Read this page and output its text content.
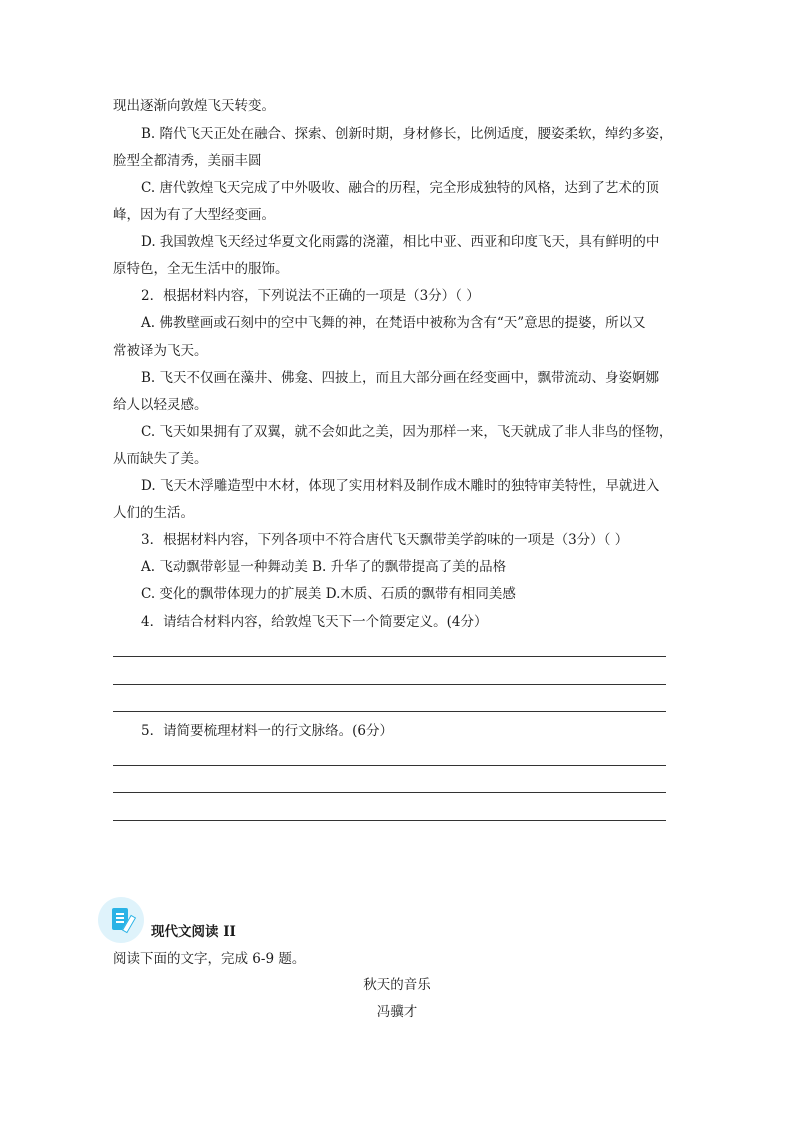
现出逐渐向敦煌飞天转变。
B. 隋代飞天正处在融合、探索、创新时期，身材修长，比例适度，腰姿柔软，绰约多姿，
脸型全都清秀，美丽丰圆
C. 唐代敦煌飞天完成了中外吸收、融合的历程，完全形成独特的风格，达到了艺术的顶
峰，因为有了大型经变画。
D. 我国敦煌飞天经过华夏文化雨露的浇灌，相比中亚、西亚和印度飞天，具有鲜明的中
原特色，全无生活中的服饰。
2．根据材料内容，下列说法不正确的一项是（3分）（ ）
A. 佛教壁画或石刻中的空中飞舞的神，在梵语中被称为含有“天”意思的提婆，所以又
常被译为飞天。
B. 飞天不仅画在藻井、佛龛、四披上，而且大部分画在经变画中，飘带流动、身姿婀娜
给人以轻灵感。
C. 飞天如果拥有了双翼，就不会如此之美，因为那样一来，飞天就成了非人非鸟的怪物，
从而缺失了美。
D. 飞天木浮雕造型中木材，体现了实用材料及制作成木雕时的独特审美特性，早就进入
人们的生活。
3．根据材料内容，下列各项中不符合唐代飞天飘带美学韵味的一项是（3分）（ ）
A. 飞动飘带彰显一种舞动美 B. 升华了的飘带提高了美的品格
C. 变化的飘带体现力的扩展美 D.木质、石质的飘带有相同美感
4．请结合材料内容，给敦煌飞天下一个简要定义。(4分）
5．请简要梳理材料一的行文脉络。(6分）
现代文阅读 II
阅读下面的文字，完成 6-9 题。
秋天的音乐
冯骥才
